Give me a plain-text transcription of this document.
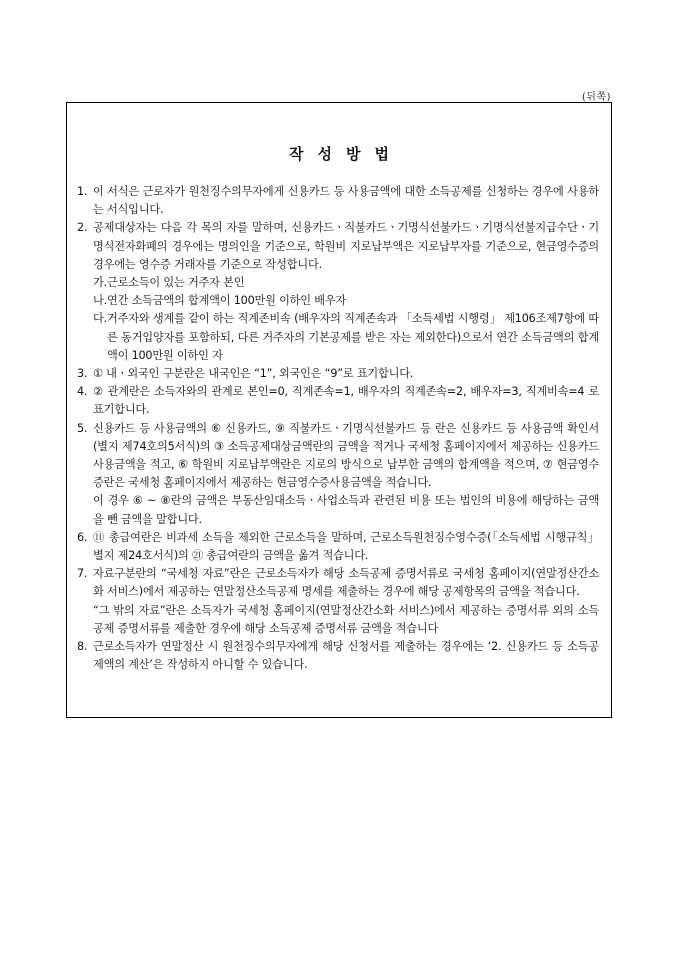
(뒤쪽)
작성방법
1. 이 서식은 근로자가 원천징수의무자에게 신용카드 등 사용금액에 대한 소득공제를 신청하는 경우에 사용하는 서식입니다.
2. 공제대상자는 다음 각 목의 자를 말하며, 신용카드ㆍ직불카드ㆍ기명식선불카드ㆍ기명식선불지급수단ㆍ기명식전자화폐의 경우에는 명의인을 기준으로, 학원비 지로납부액은 지로납부자를 기준으로, 현금영수증의 경우에는 영수증 거래자를 기준으로 작성합니다.
가. 근로소득이 있는 거주자 본인
나. 연간 소득금액의 합계액이 100만원 이하인 배우자
다. 거주자와 생계를 같이 하는 직계존비속 (배우자의 직계존속과 「소득세법 시행령」 제106조제7항에 따른 동거입양자를 포함하되, 다른 거주자의 기본공제를 받은 자는 제외한다)으로서 연간 소득금액의 합계액이 100만원 이하인 자
3. ① 내ㆍ외국인 구분란은 내국인은 “1”, 외국인은 “9”로 표기합니다.
4. ② 관계란은 소득자와의 관계로 본인=0, 직계존속=1, 배우자의 직계존속=2, 배우자=3, 직계비속=4 로 표기합니다.
5. 신용카드 등 사용금액의 ⑥ 신용카드, ⑨ 직불카드ㆍ기명식선불카드 등 란은 신용카드 등 사용금액 확인서(별지 제74호의5서식)의 ③ 소득공제대상금액란의 금액을 적거나 국세청 홈페이지에서 제공하는 신용카드사용금액을 적고, ⑥ 학원비 지로납부액란은 지로의 방식으로 납부한 금액의 합계액을 적으며, ⑦ 현금영수증란은 국세청 홈페이지에서 제공하는 현금영수증사용금액을 적습니다.
이 경우 ⑥ ~ ⑧란의 금액은 부동산임대소득ㆍ사업소득과 관련된 비용 또는 법인의 비용에 해당하는 금액을 뺀 금액을 말합니다.
6. ⑪ 총급여란은 비과세 소득을 제외한 근로소득을 말하며, 근로소득원천징수영수증(「소득세법 시행규칙」별지 제24호서식)의 ㉑ 총급여란의 금액을 옮겨 적습니다.
7. 자료구분란의 “국세청 자료”란은 근로소득자가 해당 소득공제 증명서류로 국세청 홈페이지(연말정산간소화 서비스)에서 제공하는 연말정산소득공제 명세를 제출하는 경우에 해당 공제항목의 금액을 적습니다.
“그 밖의 자료”란은 소득자가 국세청 홈페이지(연말정산간소화 서비스)에서 제공하는 증명서류 외의 소득공제 증명서류를 제출한 경우에 해당 소득공제 증명서류 금액을 적습니다
8. 근로소득자가 연말정산 시 원천징수의무자에게 해당 신청서를 제출하는 경우에는 ‘2. 신용카드 등 소득공제액의 계산’은 작성하지 아니할 수 있습니다.
